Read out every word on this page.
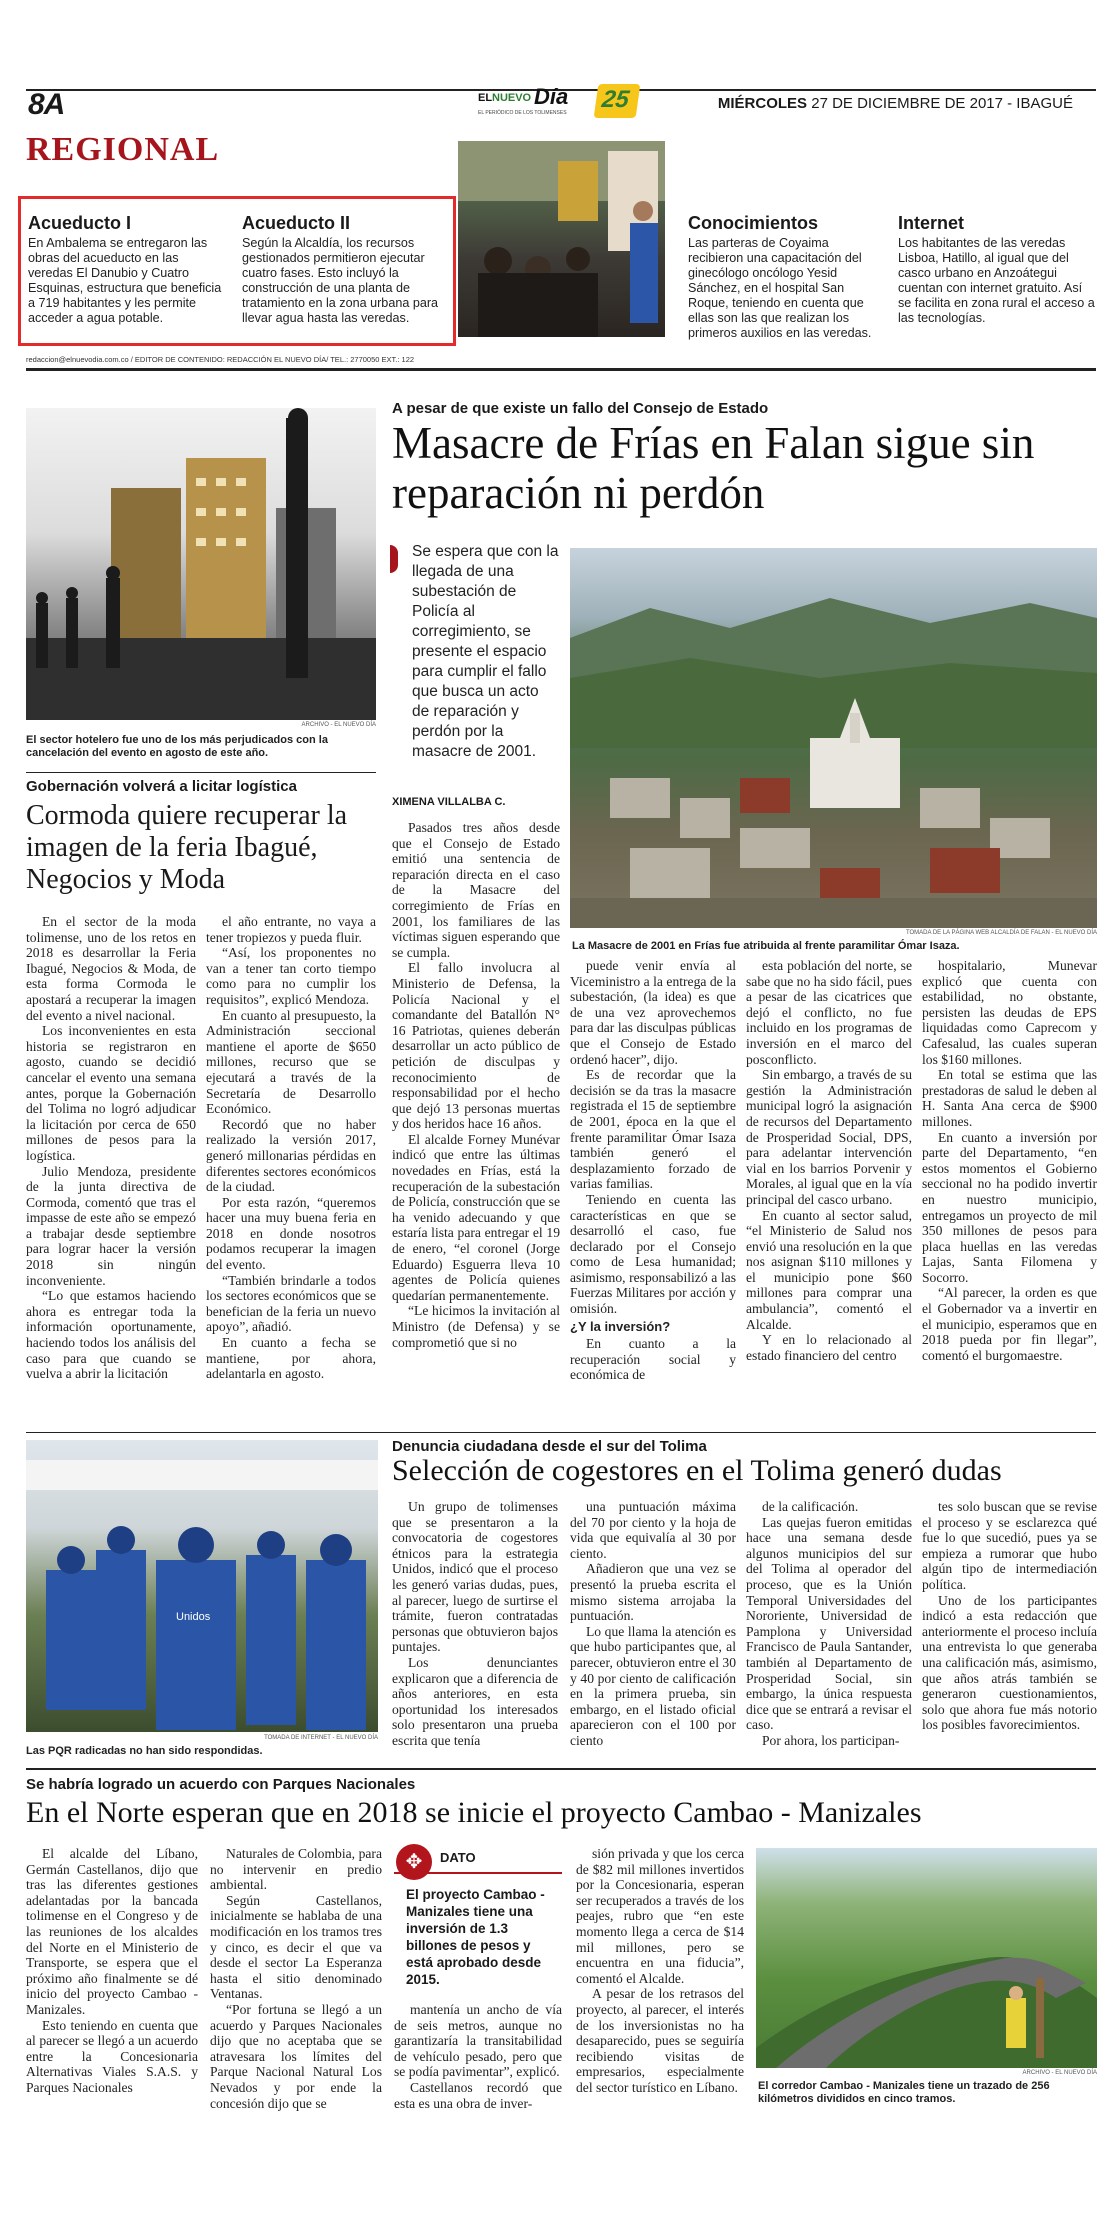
8A	EL NUEVO Día
EL PERIÓDICO DE LOS TOLIMENSES 25	MIÉRCOLES 27 DE DICIEMBRE DE 2017 - IBAGUÉ
REGIONAL
Acueducto I
En Ambalema se entregaron las obras del acueducto en las veredas El Danubio y Cuatro Esquinas, estructura que beneficia a 719 habitantes y les permite acceder a agua potable.
Acueducto II
Según la Alcaldía, los recursos gestionados permitieron ejecutar cuatro fases. Esto incluyó la construcción de una planta de tratamiento en la zona urbana para llevar agua hasta las veredas.
Conocimientos
Las parteras de Coyaima recibieron una capacitación del ginecólogo oncólogo Yesid Sánchez, en el hospital San Roque, teniendo en cuenta que ellas son las que realizan los primeros auxilios en las veredas.
Internet
Los habitantes de las veredas Lisboa, Hatillo, al igual que del casco urbano en Anzoátegui cuentan con internet gratuito. Así se facilita en zona rural el acceso a las tecnologías.
redaccion@elnuevodia.com.co / EDITOR DE CONTENIDO: REDACCIÓN EL NUEVO DÍA/ TEL.: 2770050 EXT.: 122
ARCHIVO - EL NUEVO DÍA
El sector hotelero fue uno de los más perjudicados con la cancelación del evento en agosto de este año.
Gobernación volverá a licitar logística
Cormoda quiere recuperar la imagen de la feria Ibagué, Negocios y Moda

En el sector de la moda tolimense, uno de los retos en 2018 es desarrollar la Feria Ibagué, Negocios & Moda, de esta forma Cormoda le apostará a recuperar la imagen del evento a nivel nacional.

Los inconvenientes en esta historia se registraron en agosto, cuando se decidió cancelar el evento una semana antes, porque la Gobernación del Tolima no logró adjudicar la licitación por cerca de 650 millones de pesos para la logística.

Julio Mendoza, presidente de la junta directiva de Cormoda, comentó que tras el impasse de este año se empezó a trabajar desde septiembre para lograr hacer la versión 2018 sin ningún inconveniente.

“Lo que estamos haciendo ahora es entregar toda la información oportunamente, haciendo todos los análisis del caso para que cuando se vuelva a abrir la licitación

el año entrante, no vaya a tener tropiezos y pueda fluir.

“Así, los proponentes no van a tener tan corto tiempo como para no cumplir los requisitos”, explicó Mendoza.

En cuanto al presupuesto, la Administración seccional mantiene el aporte de $650 millones, recurso que se ejecutará a través de la Secretaría de Desarrollo Económico.

Recordó que no haber realizado la versión 2017, generó millonarias pérdidas en diferentes sectores económicos de la ciudad.

Por esta razón, “queremos hacer una muy buena feria en 2018 en donde nosotros podamos recuperar la imagen del evento.

“También brindarle a todos los sectores económicos que se benefician de la feria un nuevo apoyo”, añadió.

En cuanto a fecha se mantiene, por ahora, adelantarla en agosto.

A pesar de que existe un fallo del Consejo de Estado
Masacre de Frías en Falan sigue sin reparación ni perdón
Se espera que con la llegada de una subestación de Policía al corregimiento, se presente el espacio para cumplir el fallo que busca un acto de reparación y perdón por la masacre de 2001.
XIMENA VILLALBA C.
TOMADA DE LA PÁGINA WEB ALCALDÍA DE FALAN - EL NUEVO DÍA
La Masacre de 2001 en Frías fue atribuida al frente paramilitar Ómar Isaza.

Pasados tres años desde que el Consejo de Estado emitió una sentencia de reparación directa en el caso de la Masacre del corregimiento de Frías en 2001, los familiares de las víctimas siguen esperando que se cumpla.

El fallo involucra al Ministerio de Defensa, la Policía Nacional y el comandante del Batallón N° 16 Patriotas, quienes deberán desarrollar un acto público de petición de disculpas y reconocimiento de responsabilidad por el hecho que dejó 13 personas muertas y dos heridos hace 16 años.

El alcalde Forney Munévar indicó que entre las últimas novedades en Frías, está la recuperación de la subestación de Policía, construcción que se ha venido adecuando y que estaría lista para entregar el 19 de enero, “el coronel (Jorge Eduardo) Esguerra lleva 10 agentes de Policía quienes quedarían permanentemente.

“Le hicimos la invitación al Ministro (de Defensa) y se comprometió que si no

puede venir envía al Viceministro a la entrega de la subestación, (la idea) es que de una vez aprovechemos para dar las disculpas públicas que el Consejo de Estado ordenó hacer”, dijo.

Es de recordar que la decisión se da tras la masacre registrada el 15 de septiembre de 2001, época en la que el frente paramilitar Ómar Isaza también generó el desplazamiento forzado de varias familias.

Teniendo en cuenta las características en que se desarrolló el caso, fue declarado por el Consejo como de Lesa humanidad; asimismo, responsabilizó a las Fuerzas Militares por acción y omisión.

¿Y la inversión?

En cuanto a la recuperación social y económica de

esta población del norte, se sabe que no ha sido fácil, pues a pesar de las cicatrices que dejó el conflicto, no fue incluido en los programas de inversión en el marco del posconflicto.

Sin embargo, a través de su gestión la Administración municipal logró la asignación de recursos del Departamento de Prosperidad Social, DPS, para adelantar intervención vial en los barrios Porvenir y Morales, al igual que en la vía principal del casco urbano.

En cuanto al sector salud, “el Ministerio de Salud nos envió una resolución en la que nos asignan $110 millones y el municipio pone $60 millones para comprar una ambulancia”, comentó el Alcalde.

Y en lo relacionado al estado financiero del centro

hospitalario, Munevar explicó que cuenta con estabilidad, no obstante, persisten las deudas de EPS liquidadas como Caprecom y Cafesalud, las cuales superan los $160 millones.

En total se estima que las prestadoras de salud le deben al H. Santa Ana cerca de $900 millones.

En cuanto a inversión por parte del Departamento, “en estos momentos el Gobierno seccional no ha podido invertir en nuestro municipio, entregamos un proyecto de mil 350 millones de pesos para placa huellas en las veredas Lajas, Santa Filomena y Socorro.

“Al parecer, la orden es que el Gobernador va a invertir en el municipio, esperamos que en 2018 pueda por fin llegar”, comentó el burgomaestre.

Unidos
TOMADA DE INTERNET - EL NUEVO DÍA
Las PQR radicadas no han sido respondidas.
Denuncia ciudadana desde el sur del Tolima
Selección de cogestores en el Tolima generó dudas

Un grupo de tolimenses que se presentaron a la convocatoria de cogestores étnicos para la estrategia Unidos, indicó que el proceso les generó varias dudas, pues, al parecer, luego de surtirse el trámite, fueron contratadas personas que obtuvieron bajos puntajes.

Los denunciantes explicaron que a diferencia de años anteriores, en esta oportunidad los interesados solo presentaron una prueba escrita que tenía

una puntuación máxima del 70 por ciento y la hoja de vida que equivalía al 30 por ciento.

Añadieron que una vez se presentó la prueba escrita el mismo sistema arrojaba la puntuación.

Lo que llama la atención es que hubo participantes que, al parecer, obtuvieron entre el 30 y 40 por ciento de calificación en la primera prueba, sin embargo, en el listado oficial aparecieron con el 100 por ciento

de la calificación.

Las quejas fueron emitidas hace una semana desde algunos municipios del sur del Tolima al operador del proceso, que es la Unión Temporal Universidades del Nororiente, Universidad de Pamplona y Universidad Francisco de Paula Santander, también al Departamento de Prosperidad Social, sin embargo, la única respuesta dice que se entrará a revisar el caso.

Por ahora, los participan-

tes solo buscan que se revise el proceso y se esclarezca qué fue lo que sucedió, pues ya se empieza a rumorar que hubo algún tipo de intermediación política.

Uno de los participantes indicó a esta redacción que anteriormente el proceso incluía una entrevista lo que generaba una calificación más, asimismo, que años atrás también se generaron cuestionamientos, solo que ahora fue más notorio los posibles favorecimientos.

Se habría logrado un acuerdo con Parques Nacionales
En el Norte esperan que en 2018 se inicie el proyecto Cambao - Manizales

El alcalde del Líbano, Germán Castellanos, dijo que tras las diferentes gestiones adelantadas por la bancada tolimense en el Congreso y de las reuniones de los alcaldes del Norte en el Ministerio de Transporte, se espera que el próximo año finalmente se dé inicio del proyecto Cambao - Manizales.

Esto teniendo en cuenta que al parecer se llegó a un acuerdo entre la Concesionaria Alternativas Viales S.A.S. y Parques Nacionales

Naturales de Colombia, para no intervenir en predio ambiental.

Según Castellanos, inicialmente se hablaba de una modificación en los tramos tres y cinco, es decir el que va desde el sector La Esperanza hasta el sitio denominado Ventanas.

“Por fortuna se llegó a un acuerdo y Parques Nacionales dijo que no aceptaba que se atravesara los límites del Parque Nacional Natural Los Nevados y por ende la concesión dijo que se

✥	DATO
El proyecto Cambao - Manizales tiene una inversión de 1.3 billones de pesos y está aprobado desde 2015.

mantenía un ancho de vía de seis metros, aunque no garantizaría la transitabilidad de vehículo pesado, pero que se podía pavimentar”, explicó.

Castellanos recordó que esta es una obra de inver-

sión privada y que los cerca de $82 mil millones invertidos por la Concesionaria, esperan ser recuperados a través de los peajes, rubro que “en este momento llega a cerca de $14 mil millones, pero se encuentra en una fiducia”, comentó el Alcalde.

A pesar de los retrasos del proyecto, al parecer, el interés de los inversionistas no ha desaparecido, pues se seguiría recibiendo visitas de empresarios, especialmente del sector turístico en Líbano.

ARCHIVO - EL NUEVO DÍA
El corredor Cambao - Manizales tiene un trazado de 256 kilómetros divididos en cinco tramos.
